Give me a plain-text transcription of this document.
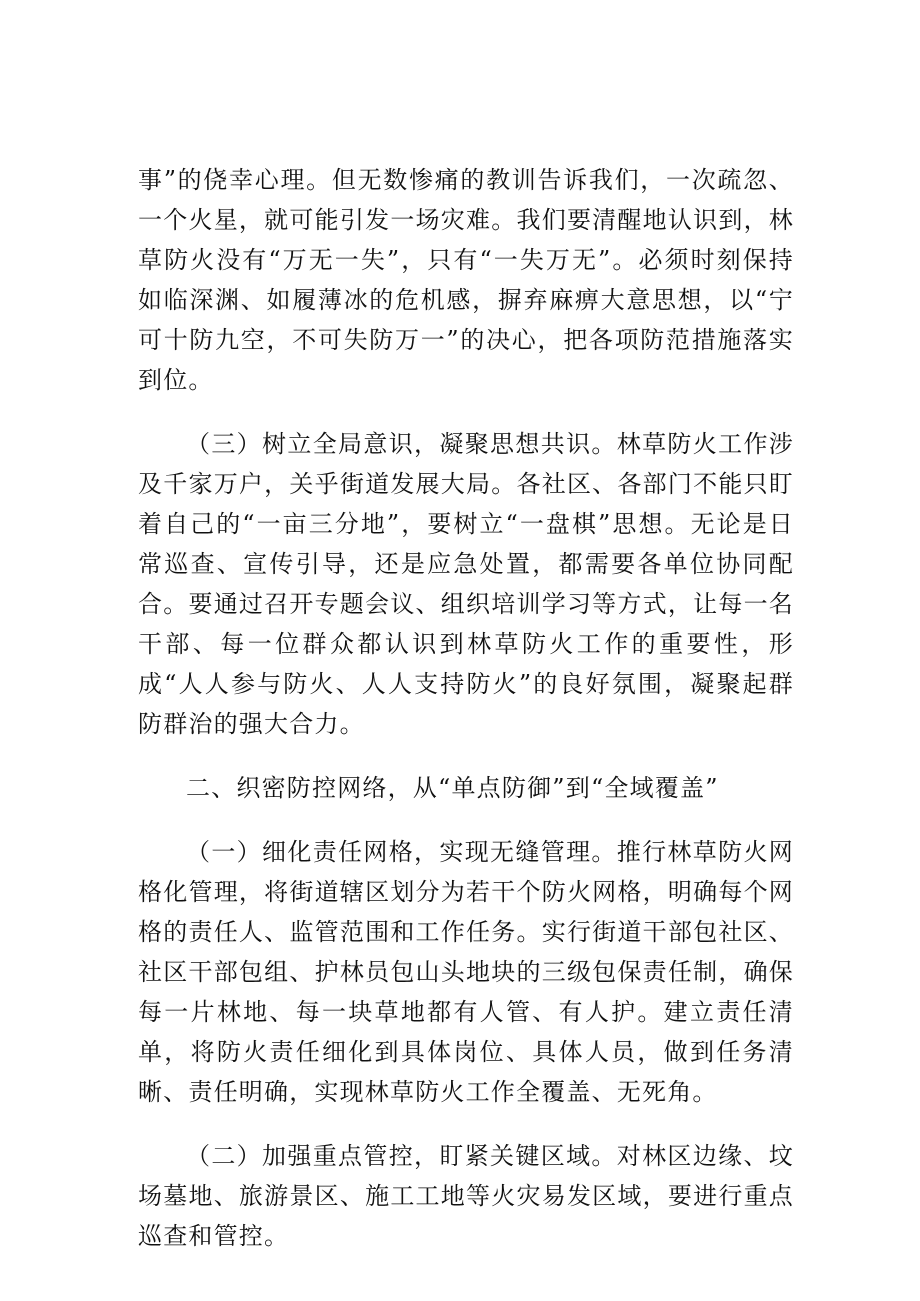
事”的侥幸心理。但无数惨痛的教训告诉我们，一次疏忽、一个火星，就可能引发一场灾难。我们要清醒地认识到，林草防火没有“万无一失”，只有“一失万无”。必须时刻保持如临深渊、如履薄冰的危机感，摒弃麻痹大意思想，以“宁可十防九空，不可失防万一”的决心，把各项防范措施落实到位。

（三）树立全局意识，凝聚思想共识。林草防火工作涉及千家万户，关乎街道发展大局。各社区、各部门不能只盯着自己的“一亩三分地”，要树立“一盘棋”思想。无论是日常巡查、宣传引导，还是应急处置，都需要各单位协同配合。要通过召开专题会议、组织培训学习等方式，让每一名干部、每一位群众都认识到林草防火工作的重要性，形成“人人参与防火、人人支持防火”的良好氛围，凝聚起群防群治的强大合力。

二、织密防控网络，从“单点防御”到“全域覆盖”

（一）细化责任网格，实现无缝管理。推行林草防火网格化管理，将街道辖区划分为若干个防火网格，明确每个网格的责任人、监管范围和工作任务。实行街道干部包社区、社区干部包组、护林员包山头地块的三级包保责任制，确保每一片林地、每一块草地都有人管、有人护。建立责任清单，将防火责任细化到具体岗位、具体人员，做到任务清晰、责任明确，实现林草防火工作全覆盖、无死角。

（二）加强重点管控，盯紧关键区域。对林区边缘、坟场墓地、旅游景区、施工工地等火灾易发区域，要进行重点巡查和管控。
